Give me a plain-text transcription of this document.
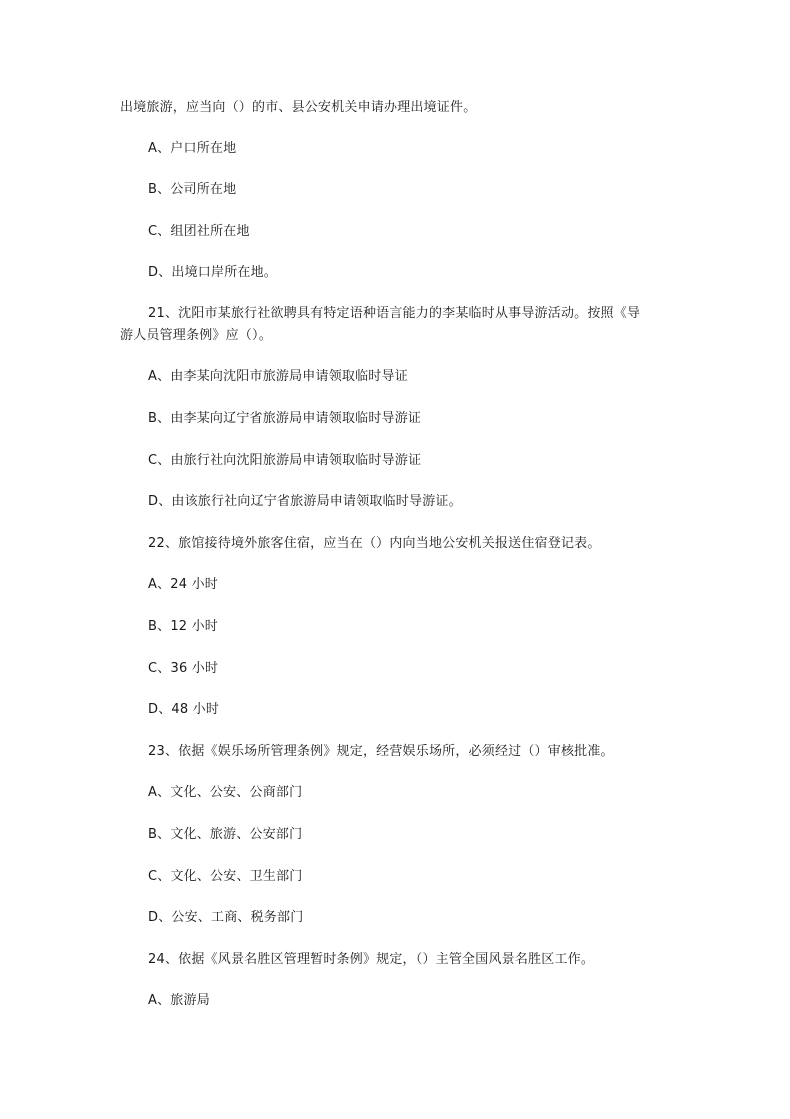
出境旅游，应当向（）的市、县公安机关申请办理出境证件。
A、户口所在地
B、公司所在地
C、组团社所在地
D、出境口岸所在地。
21、沈阳市某旅行社欲聘具有特定语种语言能力的李某临时从事导游活动。按照《导
游人员管理条例》应（）。
A、由李某向沈阳市旅游局申请领取临时导证
B、由李某向辽宁省旅游局申请领取临时导游证
C、由旅行社向沈阳旅游局申请领取临时导游证
D、由该旅行社向辽宁省旅游局申请领取临时导游证。
22、旅馆接待境外旅客住宿，应当在（）内向当地公安机关报送住宿登记表。
A、24 小时
B、12 小时
C、36 小时
D、48 小时
23、依据《娱乐场所管理条例》规定，经营娱乐场所，必须经过（）审核批准。
A、文化、公安、公商部门
B、文化、旅游、公安部门
C、文化、公安、卫生部门
D、公安、工商、税务部门
24、依据《风景名胜区管理暂时条例》规定，（）主管全国风景名胜区工作。
A、旅游局
